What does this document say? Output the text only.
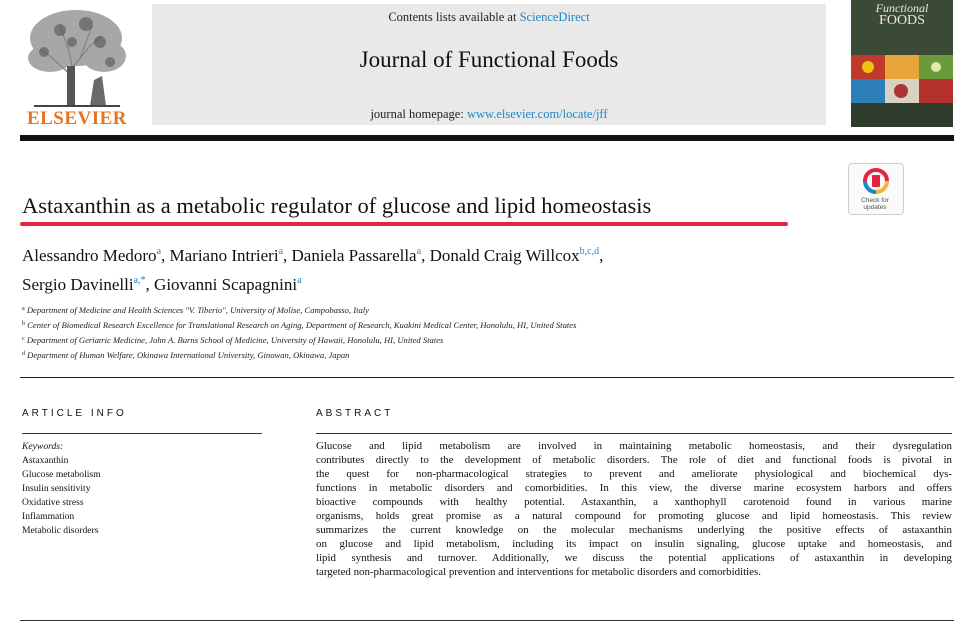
ELSEVIER
Contents lists available at ScienceDirect
Journal of Functional Foods
journal homepage: www.elsevier.com/locate/jff
Functional
FOODS
Check for
updates
Astaxanthin as a metabolic regulator of glucose and lipid homeostasis
Alessandro Medoro$^a$, Mariano Intrieri$^a$, Daniela Passarella$^a$, Donald Craig Willcox$^{b,c,d}$,
Sergio Davinelli$^{a,*}$, Giovanni Scapagnini$^a$
$^a$ Department of Medicine and Health Sciences "V. Tiberio", University of Molise, Campobasso, Italy
$^b$ Center of Biomedical Research Excellence for Translational Research on Aging, Department of Research, Kuakini Medical Center, Honolulu, HI, United States
$^c$ Department of Geriatric Medicine, John A. Burns School of Medicine, University of Hawaii, Honolulu, HI, United States
$^d$ Department of Human Welfare, Okinawa International University, Ginowan, Okinawa, Japan
ARTICLE INFO
Keywords:
Astaxanthin
Glucose metabolism
Insulin sensitivity
Oxidative stress
Inflammation
Metabolic disorders
ABSTRACT
Glucose and lipid metabolism are involved in maintaining metabolic homeostasis, and their dysregulation
contributes directly to the development of metabolic disorders. The role of diet and functional foods is pivotal in
the quest for non-pharmacological strategies to prevent and ameliorate physiological and biochemical dys-
functions in metabolic disorders and comorbidities. In this view, the diverse marine ecosystem harbors and offers
bioactive compounds with healthy potential. Astaxanthin, a xanthophyll carotenoid found in various marine
organisms, holds great promise as a natural compound for promoting glucose and lipid homeostasis. This review
summarizes the current knowledge on the molecular mechanisms underlying the positive effects of astaxanthin
on glucose and lipid metabolism, including its impact on insulin signaling, glucose uptake and homeostasis, and
lipid synthesis and turnover. Additionally, we discuss the potential applications of astaxanthin in developing
targeted non-pharmacological prevention and interventions for metabolic disorders and comorbidities.
